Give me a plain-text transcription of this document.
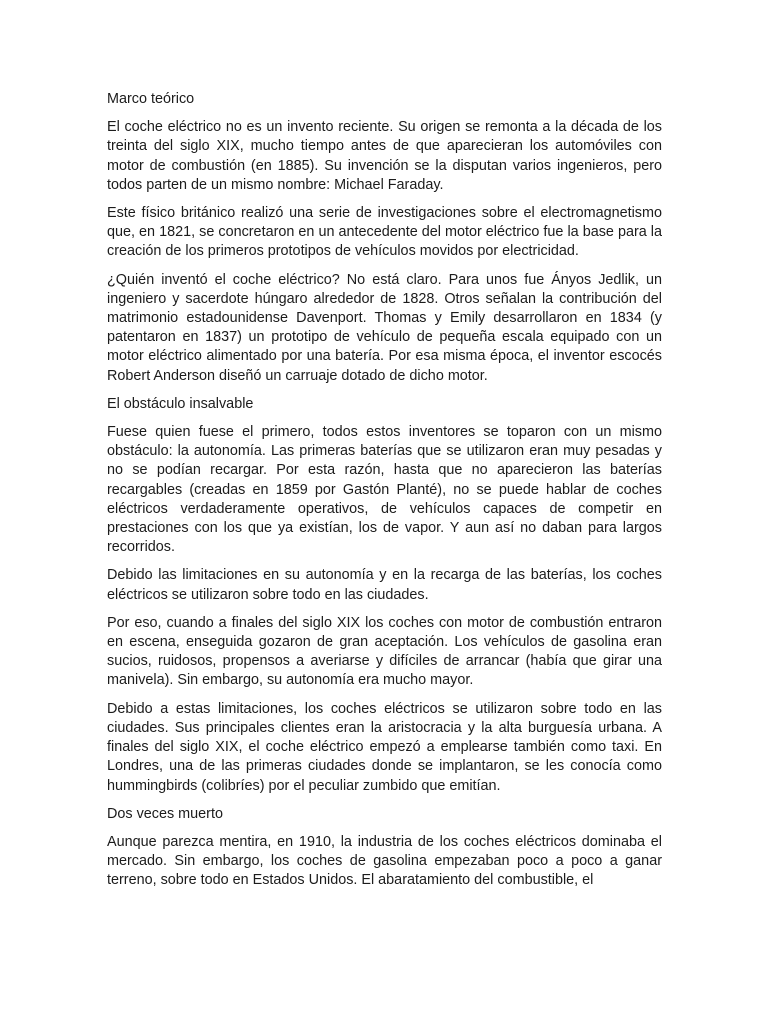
Marco teórico

El coche eléctrico no es un invento reciente. Su origen se remonta a la década de los treinta del siglo XIX, mucho tiempo antes de que aparecieran los automóviles con motor de combustión (en 1885). Su invención se la disputan varios ingenieros, pero todos parten de un mismo nombre: Michael Faraday.

Este físico británico realizó una serie de investigaciones sobre el electromagnetismo que, en 1821, se concretaron en un antecedente del motor eléctrico fue la base para la creación de los primeros prototipos de vehículos movidos por electricidad.

¿Quién inventó el coche eléctrico? No está claro. Para unos fue Ányos Jedlik, un ingeniero y sacerdote húngaro alrededor de 1828. Otros señalan la contribución del matrimonio estadounidense Davenport. Thomas y Emily desarrollaron en 1834 (y patentaron en 1837) un prototipo de vehículo de pequeña escala equipado con un motor eléctrico alimentado por una batería. Por esa misma época, el inventor escocés Robert Anderson diseñó un carruaje dotado de dicho motor.

El obstáculo insalvable

Fuese quien fuese el primero, todos estos inventores se toparon con un mismo obstáculo: la autonomía. Las primeras baterías que se utilizaron eran muy pesadas y no se podían recargar. Por esta razón, hasta que no aparecieron las baterías recargables (creadas en 1859 por Gastón Planté), no se puede hablar de coches eléctricos verdaderamente operativos, de vehículos capaces de competir en prestaciones con los que ya existían, los de vapor. Y aun así no daban para largos recorridos.

Debido las limitaciones en su autonomía y en la recarga de las baterías, los coches eléctricos se utilizaron sobre todo en las ciudades.

Por eso, cuando a finales del siglo XIX los coches con motor de combustión entraron en escena, enseguida gozaron de gran aceptación. Los vehículos de gasolina eran sucios, ruidosos, propensos a averiarse y difíciles de arrancar (había que girar una manivela). Sin embargo, su autonomía era mucho mayor.

Debido a estas limitaciones, los coches eléctricos se utilizaron sobre todo en las ciudades. Sus principales clientes eran la aristocracia y la alta burguesía urbana. A finales del siglo XIX, el coche eléctrico empezó a emplearse también como taxi. En Londres, una de las primeras ciudades donde se implantaron, se les conocía como hummingbirds (colibríes) por el peculiar zumbido que emitían.

Dos veces muerto

Aunque parezca mentira, en 1910, la industria de los coches eléctricos dominaba el mercado. Sin embargo, los coches de gasolina empezaban poco a poco a ganar terreno, sobre todo en Estados Unidos. El abaratamiento del combustible, el
